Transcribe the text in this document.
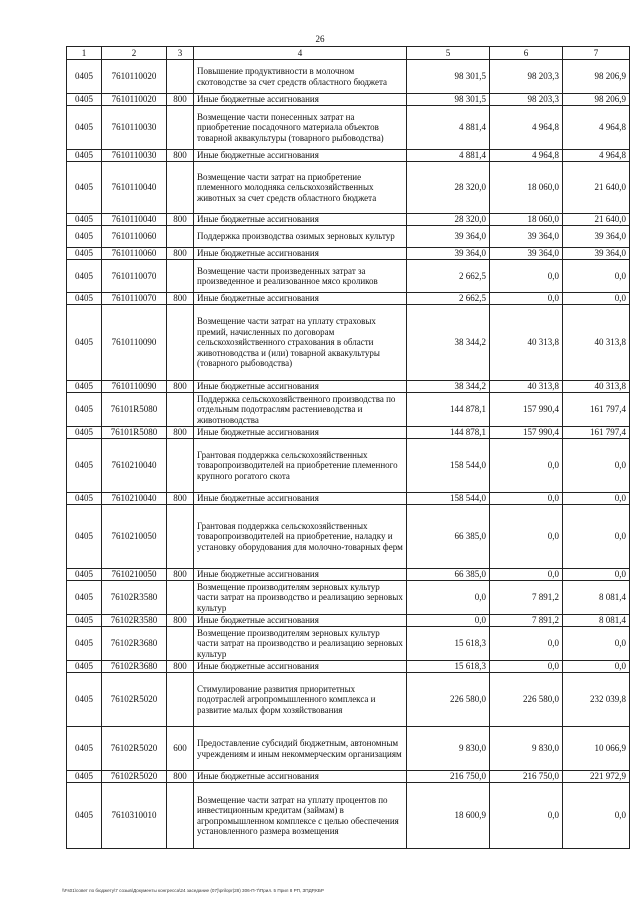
26
1	2	3	4	5	6	7
0405	7610110020		Повышение продуктивности в молочном скотоводстве за счет средств областного бюджета	98 301,5	98 203,3	98 206,9
0405	7610110020	800	Иные бюджетные ассигнования	98 301,5	98 203,3	98 206,9
0405	7610110030		Возмещение части понесенных затрат на приобретение посадочного материала объектов товарной аквакультуры (товарного рыбоводства)	4 881,4	4 964,8	4 964,8
0405	7610110030	800	Иные бюджетные ассигнования	4 881,4	4 964,8	4 964,8
0405	7610110040		Возмещение части затрат на приобретение племенного молодняка сельскохозяйственных животных за счет средств областного бюджета	28 320,0	18 060,0	21 640,0
0405	7610110040	800	Иные бюджетные ассигнования	28 320,0	18 060,0	21 640,0
0405	7610110060		Поддержка производства озимых зерновых культур	39 364,0	39 364,0	39 364,0
0405	7610110060	800	Иные бюджетные ассигнования	39 364,0	39 364,0	39 364,0
0405	7610110070		Возмещение части произведенных затрат за произведенное и реализованное мясо кроликов	2 662,5	0,0	0,0
0405	7610110070	800	Иные бюджетные ассигнования	2 662,5	0,0	0,0
0405	7610110090		Возмещение части затрат на уплату страховых премий, начисленных по договорам сельскохозяйственного страхования в области животноводства и (или) товарной аквакультуры (товарного рыбоводства)	38 344,2	40 313,8	40 313,8
0405	7610110090	800	Иные бюджетные ассигнования	38 344,2	40 313,8	40 313,8
0405	76101R5080		Поддержка сельскохозяйственного производства по отдельным подотраслям растениеводства и животноводства	144 878,1	157 990,4	161 797,4
0405	76101R5080	800	Иные бюджетные ассигнования	144 878,1	157 990,4	161 797,4
0405	7610210040		Грантовая поддержка сельскохозяйственных товаропроизводителей на приобретение племенного крупного рогатого скота	158 544,0	0,0	0,0
0405	7610210040	800	Иные бюджетные ассигнования	158 544,0	0,0	0,0
0405	7610210050		Грантовая поддержка сельскохозяйственных товаропроизводителей на приобретение, наладку и установку оборудования для молочно-товарных ферм	66 385,0	0,0	0,0
0405	7610210050	800	Иные бюджетные ассигнования	66 385,0	0,0	0,0
0405	76102R3580		Возмещение производителям зерновых культур части затрат на производство и реализацию зерновых культур	0,0	7 891,2	8 081,4
0405	76102R3580	800	Иные бюджетные ассигнования	0,0	7 891,2	8 081,4
0405	76102R3680		Возмещение производителям зерновых культур части затрат на производство и реализацию зерновых культур	15 618,3	0,0	0,0
0405	76102R3680	800	Иные бюджетные ассигнования	15 618,3	0,0	0,0
0405	76102R5020		Стимулирование развития приоритетных подотраслей агропромышленного комплекса и развитие малых форм хозяйствования	226 580,0	226 580,0	232 039,8
0405	76102R5020	600	Предоставление субсидий бюджетным, автономным учреждениям и иным некоммерческим организациям	9 830,0	9 830,0	10 066,9
0405	76102R5020	800	Иные бюджетные ассигнования	216 750,0	216 750,0	221 972,9
0405	7610310010		Возмещение части затрат на уплату процентов по инвестиционным кредитам (займам) в агропромышленном комплексе с целью обеспечения установленного размера возмещения	18 600,9	0,0	0,0
\\Fs01\совет по бюджету\7 созыв\Документы конгресса\24 заседание (07)\prilopr(28) 306-П-7\Прил. 5 Прил 8 РП, ЗПДР,КБР
